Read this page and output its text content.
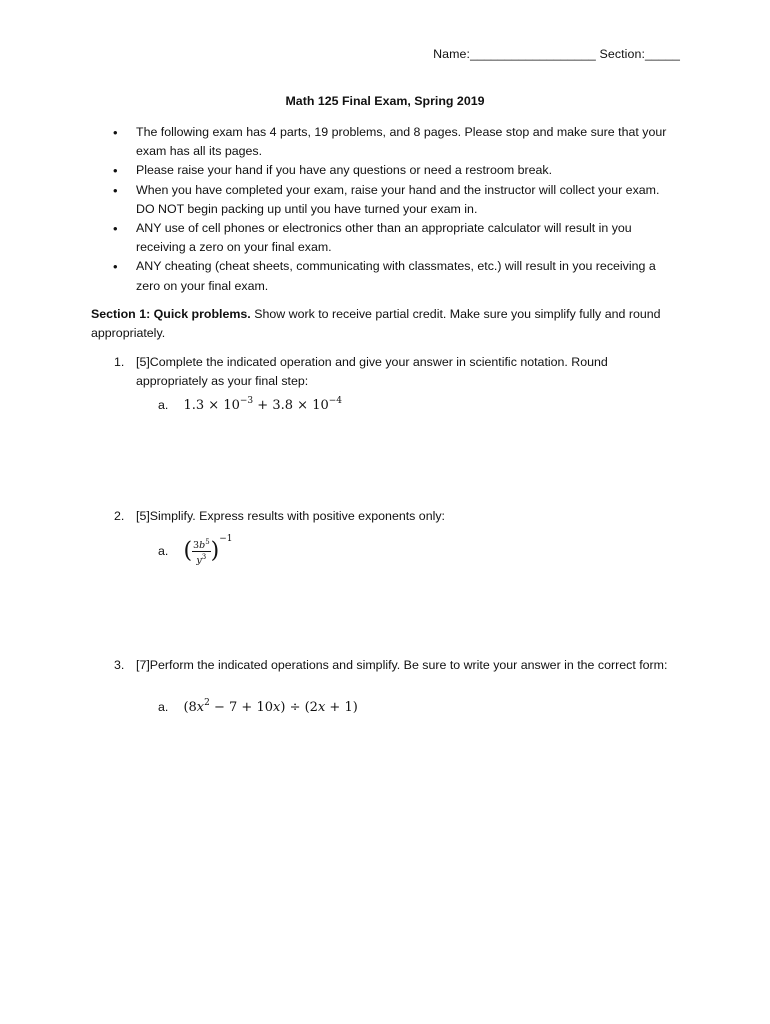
Name:__________________ Section:_____
Math 125 Final Exam, Spring 2019
• The following exam has 4 parts, 19 problems, and 8 pages. Please stop and make sure that your exam has all its pages.
• Please raise your hand if you have any questions or need a restroom break.
• When you have completed your exam, raise your hand and the instructor will collect your exam. DO NOT begin packing up until you have turned your exam in.
• ANY use of cell phones or electronics other than an appropriate calculator will result in you receiving a zero on your final exam.
• ANY cheating (cheat sheets, communicating with classmates, etc.) will result in you receiving a zero on your final exam.
Section 1: Quick problems. Show work to receive partial credit. Make sure you simplify fully and round appropriately.
1. [5]Complete the indicated operation and give your answer in scientific notation. Round appropriately as your final step:
a. $1.3 \times 10^{-3} + 3.8 \times 10^{-4}$
2. [5]Simplify. Express results with positive exponents only:
a. ( $\frac{3b^5}{y^3} )^{-1}$
3. [7]Perform the indicated operations and simplify. Be sure to write your answer in the correct form:
a. $(8x^2 - 7 + 10x) \div (2x + 1)$
